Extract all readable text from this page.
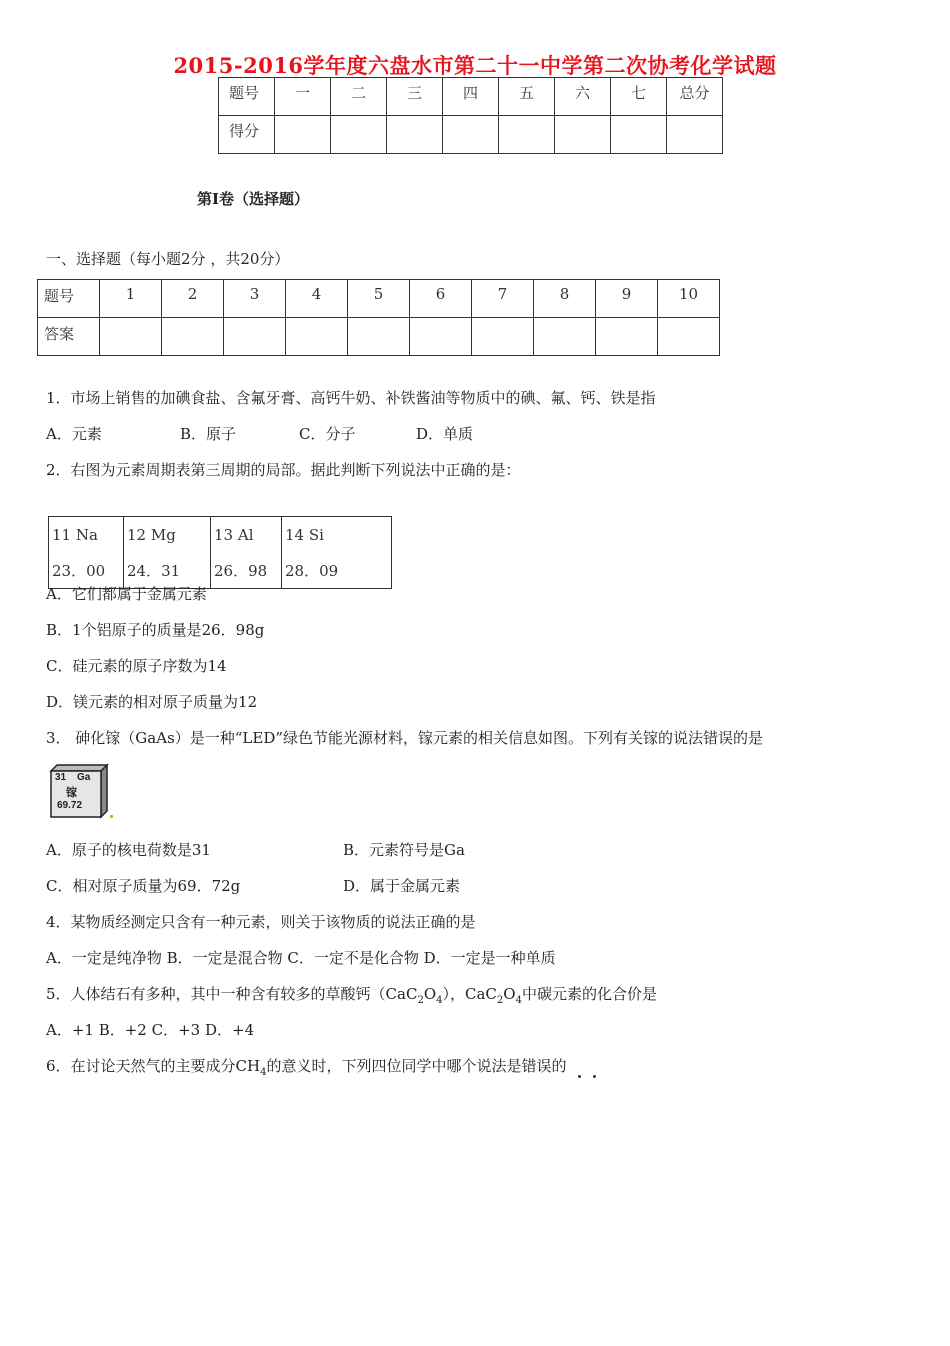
2015-2016学年度六盘水市第二十一中学第二次协考化学试题
题号	一	二	三	四	五	六	七	总分
得分								
第Ⅰ卷（选择题）
一、选择题（每小题2分 ，共20分）
题号	1	2	3	4	5	6	7	8	9	10
答案										
1．市场上销售的加碘食盐、含氟牙膏、高钙牛奶、补铁酱油等物质中的碘、氟、钙、铁是指
A．元素	B．原子	C．分子	D．单质
2．右图为元素周期表第三周期的局部。据此判断下列说法中正确的是：
11 Na	12 Mg	13 Al	14 Si
23．00	24．31	26．98	28．09
A．它们都属于金属元素
B．1个铝原子的质量是26．98g
C．硅元素的原子序数为14
D．镁元素的相对原子质量为12
3． 砷化镓（GaAs）是一种“LED”绿色节能光源材料，镓元素的相关信息如图。下列有关镓的说法错误的是
31 Ga
镓
69.72
A．原子的核电荷数是31	B．元素符号是Ga
C．相对原子质量为69．72g	D．属于金属元素
4．某物质经测定只含有一种元素，则关于该物质的说法正确的是
A．一定是纯净物 B．一定是混合物 C．一定不是化合物 D．一定是一种单质
5．人体结石有多种，其中一种含有较多的草酸钙$(CaC_2O_4)$，$CaC_2O_4$中碳元素的化合价是
A．+1 B．+2 C．+3 D．+4
6．在讨论天然气的主要成分$CH_4$的意义时，下列四位同学中哪个说法是错误的
